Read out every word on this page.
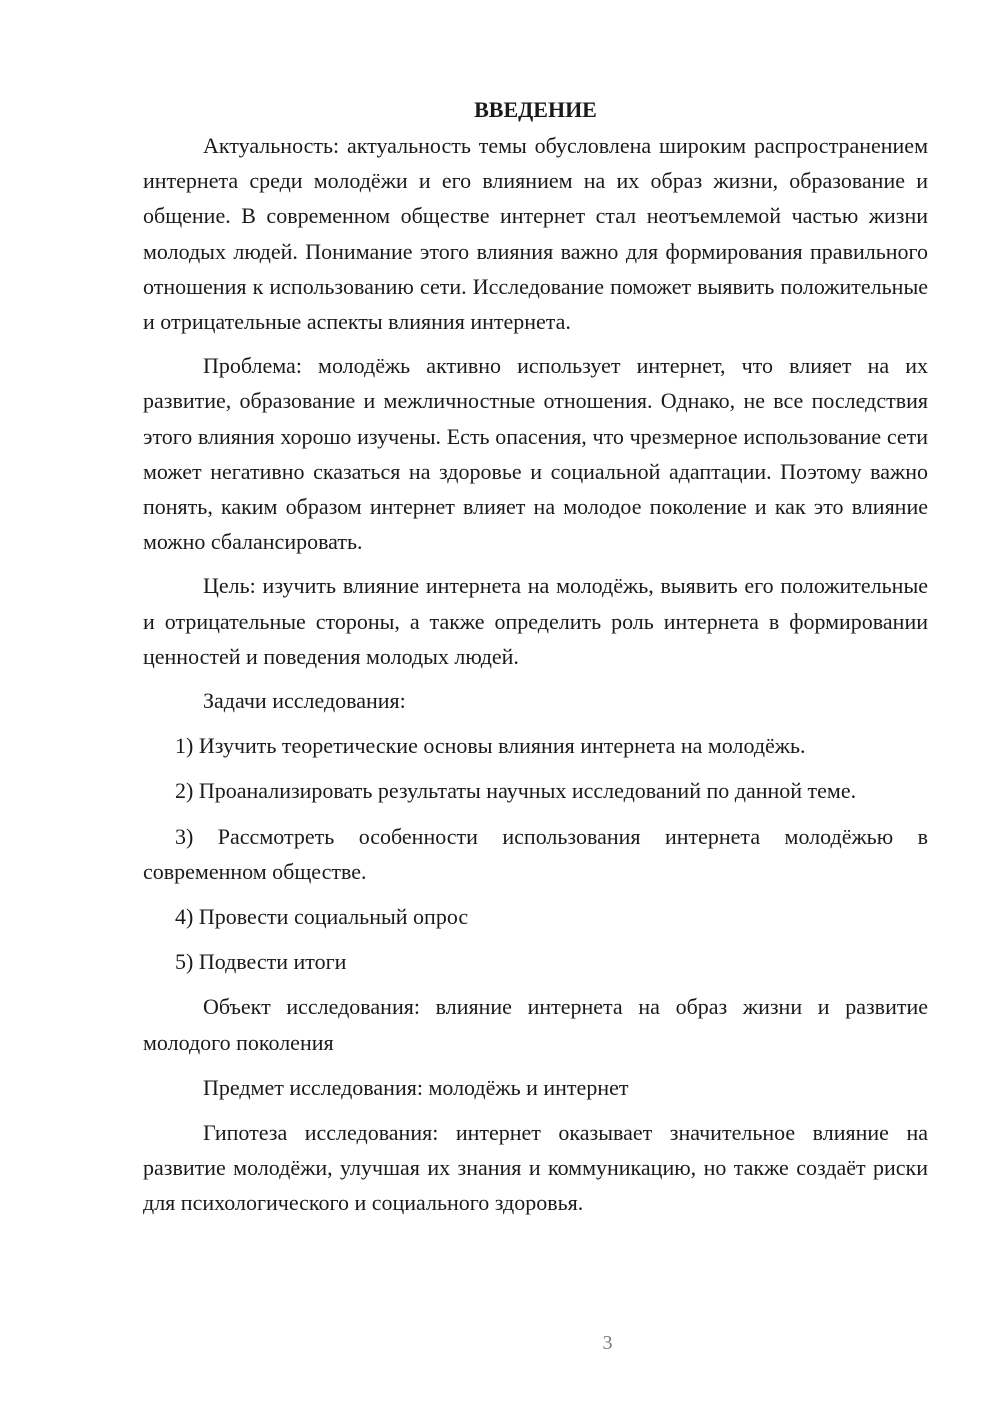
ВВЕДЕНИЕ

Актуальность: актуальность темы обусловлена широким распространением интернета среди молодёжи и его влиянием на их образ жизни, образование и общение. В современном обществе интернет стал неотъемлемой частью жизни молодых людей. Понимание этого влияния важно для формирования правильного отношения к использованию сети. Исследование поможет выявить положительные и отрицательные аспекты влияния интернета.

Проблема: молодёжь активно использует интернет, что влияет на их развитие, образование и межличностные отношения. Однако, не все последствия этого влияния хорошо изучены. Есть опасения, что чрезмерное использование сети может негативно сказаться на здоровье и социальной адаптации. Поэтому важно понять, каким образом интернет влияет на молодое поколение и как это влияние можно сбалансировать.

Цель: изучить влияние интернета на молодёжь, выявить его положительные и отрицательные стороны, а также определить роль интернета в формировании ценностей и поведения молодых людей.

Задачи исследования:

1) Изучить теоретические основы влияния интернета на молодёжь.

2) Проанализировать результаты научных исследований по данной теме.

3) Рассмотреть особенности использования интернета молодёжью в современном обществе.

4) Провести социальный опрос

5) Подвести итоги

Объект исследования: влияние интернета на образ жизни и развитие молодого поколения

Предмет исследования: молодёжь и интернет

Гипотеза исследования: интернет оказывает значительное влияние на развитие молодёжи, улучшая их знания и коммуникацию, но также создаёт риски для психологического и социального здоровья.

3
